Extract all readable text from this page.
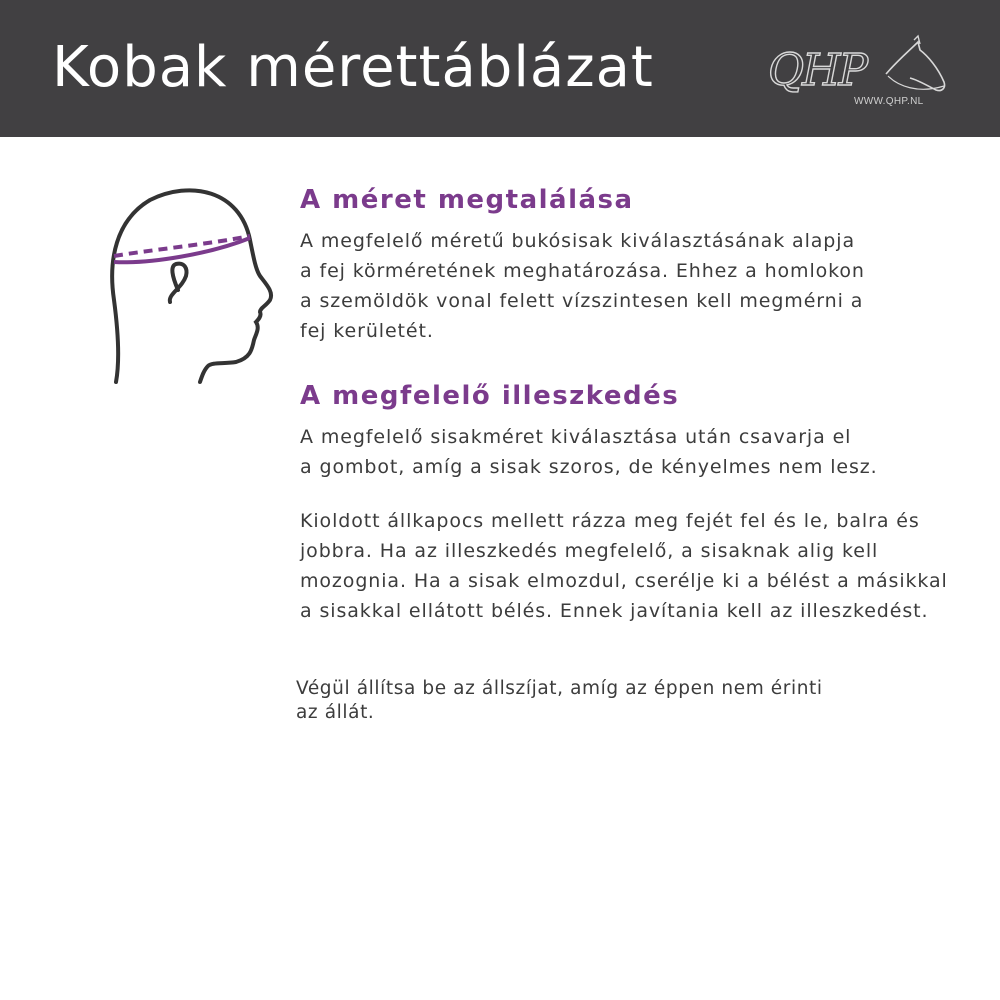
Kobak mérettáblázat	QHP
WWW.QHP.NL
A méret megtalálása
A megfelelő méretű bukósisak kiválasztásának alapja
a fej körméretének meghatározása. Ehhez a homlokon
a szemöldök vonal felett vízszintesen kell megmérni a
fej kerületét.
A megfelelő illeszkedés
A megfelelő sisakméret kiválasztása után csavarja el
a gombot, amíg a sisak szoros, de kényelmes nem lesz.
Kioldott állkapocs mellett rázza meg fejét fel és le, balra és
jobbra. Ha az illeszkedés megfelelő, a sisaknak alig kell
mozognia. Ha a sisak elmozdul, cserélje ki a bélést a másikkal
a sisakkal ellátott bélés. Ennek javítania kell az illeszkedést.
Végül állítsa be az állszíjat, amíg az éppen nem érinti
az állát.
